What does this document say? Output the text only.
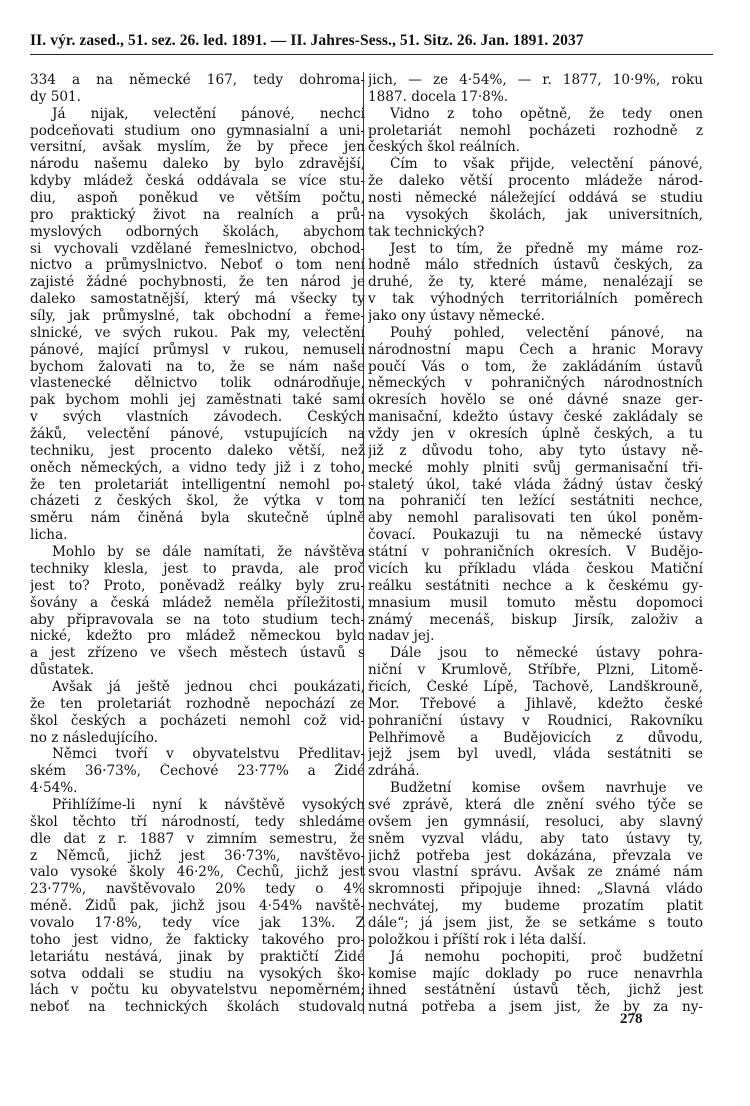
II. výr. zased., 51. sez. 26. led. 1891. — II. Jahres-Sess., 51. Sitz. 26. Jan. 1891. 2037
334 a na německé 167, tedy dohroma-
dy 501.
Já nijak, velectění pánové, nechci
podceňovati studium ono gymnasialní a uni-
versitní, avšak myslím, že by přece jen
národu našemu daleko by bylo zdravější,
kdyby mládež česká oddávala se více stu-
diu, aspoň poněkud ve větším počtu,
pro praktický život na realních a prů-
myslových odborných školách, abychom
si vychovali vzdělané řemeslnictvo, obchod-
nictvo a průmyslnictvo. Neboť o tom není
zajisté žádné pochybnosti, že ten národ je
daleko samostatnější, který má všecky ty
síly, jak průmyslné, tak obchodní a řeme-
slnické, ve svých rukou. Pak my, velectění
pánové, mající průmysl v rukou, nemuseli
bychom žalovati na to, že se nám naše
vlastenecké dělnictvo tolik odnárodňuje,
pak bychom mohli jej zaměstnati také sami
v svých vlastních závodech. Českých
žáků, velectění pánové, vstupujících na
techniku, jest procento daleko větší, než
oněch německých, a vidno tedy již i z toho,
že ten proletariát intelligentní nemohl po-
cházeti z českých škol, že výtka v tom
směru nám činěná byla skutečně úplně
licha.
Mohlo by se dále namítati, že návštěva
techniky klesla, jest to pravda, ale proč
jest to? Proto, poněvadž reálky byly zru-
šovány a česká mládež neměla příležitosti,
aby připravovala se na toto studium tech-
nické, kdežto pro mládež německou bylo
a jest zřízeno ve všech městech ústavů s
důstatek.
Avšak já ještě jednou chci poukázati,
že ten proletariát rozhodně nepochází ze
škol českých a pocházeti nemohl což vid-
no z následujícího.
Němci tvoří v obyvatelstvu Předlitav-
ském 36·73%, Čechové 23·77% a Židé
4·54%.
Přihlížíme-li nyní k návštěvě vysokých
škol těchto tří národností, tedy shledáme
dle dat z r. 1887 v zimním semestru, že
z Němců, jichž jest 36·73%, navštěvo-
valo vysoké školy 46·2%, Čechů, jichž jest
23·77%, navštěvovalo 20% tedy o 4%
méně. Židů pak, jichž jsou 4·54% navště-
vovalo 17·8%, tedy více jak 13%. Z
toho jest vidno, že fakticky takového pro-
letariátu nestává, jinak by praktičtí Židé
sotva oddali se studiu na vysokých ško-
lách v počtu ku obyvatelstvu nepoměrném;
neboť na technických školách studovalo
jich, — ze 4·54%, — r. 1877, 10·9%, roku
1887. docela 17·8%.
Vidno z toho opětně, že tedy onen
proletariát nemohl pocházeti rozhodně z
českých škol reálních.
Čím to však přijde, velectění pánové,
že daleko větší procento mládeže národ-
nosti německé náležející oddává se studiu
na vysokých školách, jak universitních,
tak technických?
Jest to tím, že předně my máme roz-
hodně málo středních ústavů českých, za
druhé, že ty, které máme, nenalézají se
v tak výhodných territoriálních poměrech
jako ony ústavy německé.
Pouhý pohled, velectění pánové, na
národnostní mapu Čech a hranic Moravy
poučí Vás o tom, že zakládáním ústavů
německých v pohraničných národnostních
okresích hovělo se oné dávné snaze ger-
manisační, kdežto ústavy české zakládaly se
vždy jen v okresích úplně českých, a tu
již z důvodu toho, aby tyto ústavy ně-
mecké mohly plniti svůj germanisační tři-
staletý úkol, také vláda žádný ústav český
na pohraničí ten ležící sestátniti nechce,
aby nemohl paralisovati ten úkol poněm-
čovací. Poukazuji tu na německé ústavy
státní v pohraničních okresích. V Budějo-
vicích ku příkladu vláda českou Matiční
reálku sestátniti nechce a k českému gy-
mnasium musil tomuto městu dopomoci
známý mecenáš, biskup Jirsík, založiv a
nadav jej.
Dále jsou to německé ústavy pohra-
niční v Krumlově, Stříbře, Plzni, Litomě-
řicích, České Lípě, Tachově, Landškrouně,
Mor. Třebové a Jihlavě, kdežto české
pohraniční ústavy v Roudnici, Rakovníku
Pelhřimově a Budějovicích z důvodu,
jejž jsem byl uvedl, vláda sestátniti se
zdráhá.
Budžetní komise ovšem navrhuje ve
své zprávě, která dle znění svého týče se
ovšem jen gymnásií, resoluci, aby slavný
sněm vyzval vládu, aby tato ústavy ty,
jichž potřeba jest dokázána, převzala ve
svou vlastní správu. Avšak ze známé nám
skromnosti připojuje ihned: „Slavná vládo
nechvátej, my budeme prozatím platit
dále“; já jsem jist, že se setkáme s touto
položkou i příští rok i léta další.
Já nemohu pochopiti, proč budžetní
komise majíc doklady po ruce nenavrhla
ihned sestátnění ústavů těch, jichž jest
nutná potřeba a jsem jist, že by za ny-
278
